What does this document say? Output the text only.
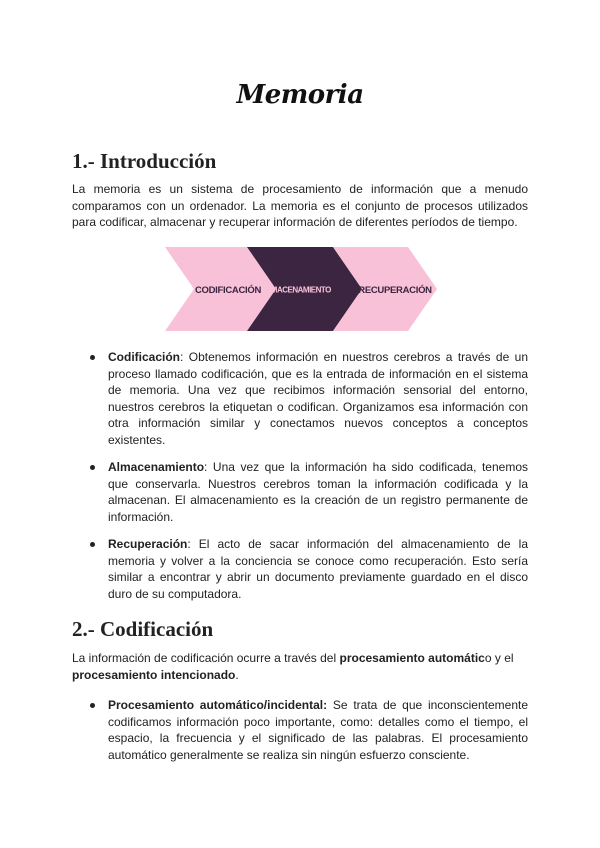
Memoria
1.- Introducción

La memoria es un sistema de procesamiento de información que a menudo comparamos con un ordenador. La memoria es el conjunto de procesos utilizados para codificar, almacenar y recuperar información de diferentes períodos de tiempo.

CODIFICACIÓN ALMACENAMIENTO	RECUPERACIÓN
Codificación: Obtenemos información en nuestros cerebros a través de un proceso llamado codificación, que es la entrada de información en el sistema de memoria. Una vez que recibimos información sensorial del entorno, nuestros cerebros la etiquetan o codifican. Organizamos esa información con otra información similar y conectamos nuevos conceptos a conceptos existentes.
Almacenamiento: Una vez que la información ha sido codificada, tenemos que conservarla. Nuestros cerebros toman la información codificada y la almacenan. El almacenamiento es la creación de un registro permanente de información.
Recuperación: El acto de sacar información del almacenamiento de la memoria y volver a la conciencia se conoce como recuperación. Esto sería similar a encontrar y abrir un documento previamente guardado en el disco duro de su computadora.
2.- Codificación

La información de codificación ocurre a través del procesamiento automático y el procesamiento intencionado.

Procesamiento automático/incidental: Se trata de que inconscientemente codificamos información poco importante, como: detalles como el tiempo, el espacio, la frecuencia y el significado de las palabras. El procesamiento automático generalmente se realiza sin ningún esfuerzo consciente.
